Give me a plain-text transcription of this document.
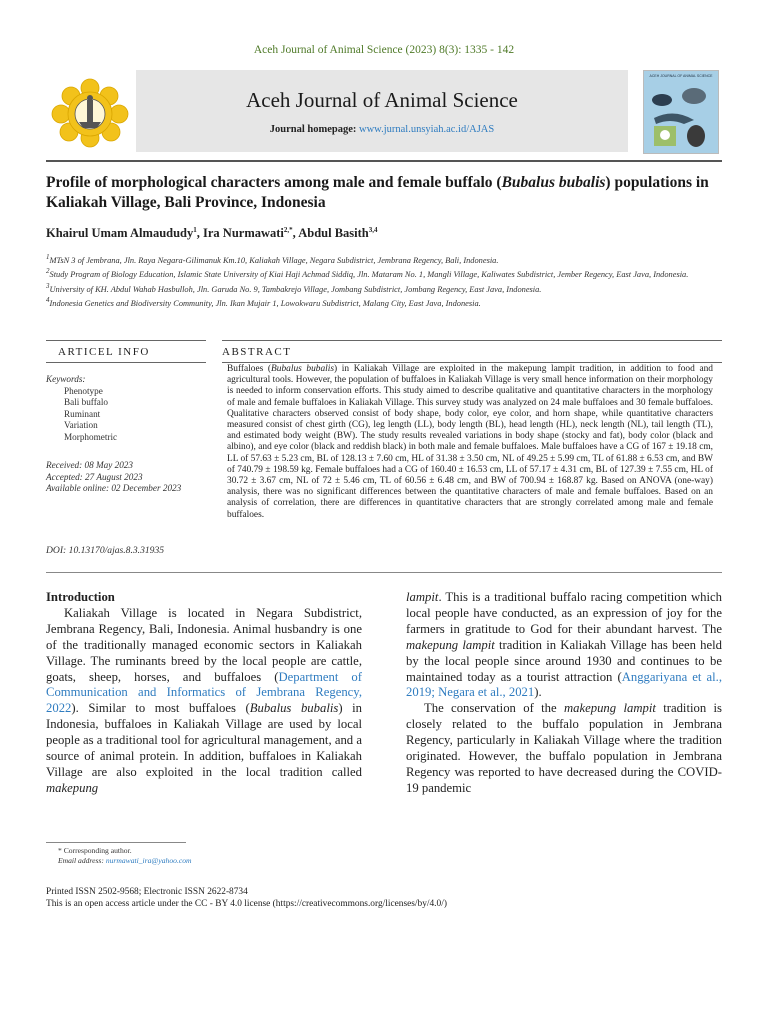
Aceh Journal of Animal Science (2023) 8(3): 1335 - 142
Aceh Journal of Animal Science
Journal homepage: www.jurnal.unsyiah.ac.id/AJAS
ACEH JOURNAL OF ANIMAL SCIENCE
Profile of morphological characters among male and female buffalo (Bubalus bubalis) populations in Kaliakah Village, Bali Province, Indonesia
Khairul Umam Almaududy$^1$, Ira Nurmawati$^{2,*}$, Abdul Basith$^{3,4}$
$^1$MTsN 3 of Jembrana, Jln. Raya Negara-Gilimanuk Km.10, Kaliakah Village, Negara Subdistrict, Jembrana Regency, Bali, Indonesia.
$^2$Study Program of Biology Education, Islamic State University of Kiai Haji Achmad Siddiq, Jln. Mataram No. 1, Mangli Village, Kaliwates Subdistrict, Jember Regency, East Java, Indonesia.
$^3$University of KH. Abdul Wahab Hasbulloh, Jln. Garuda No. 9, Tambakrejo Village, Jombang Subdistrict, Jombang Regency, East Java, Indonesia.
$^4$Indonesia Genetics and Biodiversity Community, Jln. Ikan Mujair 1, Lowokwaru Subdistrict, Malang City, East Java, Indonesia.
ARTICEL INFO	ABSTRACT
Keywords:
Phenotype
Bali buffalo
Ruminant
Variation
Morphometric
Received: 08 May 2023
Accepted: 27 August 2023
Available online: 02 December 2023
DOI: 10.13170/ajas.8.3.31935
Buffaloes (Bubalus bubalis) in Kaliakah Village are exploited in the makepung lampit tradition, in addition to food and agricultural tools. However, the population of buffaloes in Kaliakah Village is very small hence information on their morphology is needed to inform conservation efforts. This study aimed to describe qualitative and quantitative characters in the morphology of male and female buffaloes in Kaliakah Village. This survey study was analyzed on 24 male buffaloes and 30 female buffaloes. Qualitative characters observed consist of body shape, body color, eye color, and horn shape, while quantitative characters measured consist of chest girth (CG), leg length (LL), body length (BL), head length (HL), neck length (NL), tail length (TL), and estimated body weight (BW). The study results revealed variations in body shape (stocky and fat), body color (black and albino), and eye color (black and reddish black) in both male and female buffaloes. Male buffaloes have a CG of 167 ± 19.18 cm, LL of 57.63 ± 5.23 cm, BL of 128.13 ± 7.60 cm, HL of 31.38 ± 3.50 cm, NL of 49.25 ± 5.99 cm, TL of 61.88 ± 6.53 cm, and BW of 740.79 ± 198.59 kg. Female buffaloes had a CG of 160.40 ± 16.53 cm, LL of 57.17 ± 4.31 cm, BL of 127.39 ± 7.55 cm, HL of 30.72 ± 3.67 cm, NL of 72 ± 5.46 cm, TL of 60.56 ± 6.48 cm, and BW of 700.94 ± 168.87 kg. Based on ANOVA (one-way) analysis, there was no significant differences between the quantitative characters of male and female buffaloes. Based on an analysis of correlation, there are differences in quantitative characters that are strongly correlated among male and female buffaloes.
Introduction
Kaliakah Village is located in Negara Subdistrict, Jembrana Regency, Bali, Indonesia. Animal husbandry is one of the traditionally managed economic sectors in Kaliakah Village. The ruminants breed by the local people are cattle, goats, sheep, horses, and buffaloes (Department of Communication and Informatics of Jembrana Regency, 2022). Similar to most buffaloes (Bubalus bubalis) in Indonesia, buffaloes in Kaliakah Village are used by local people as a traditional tool for agricultural management, and a source of animal protein. In addition, buffaloes in Kaliakah Village are also exploited in the local tradition called makepung
lampit. This is a traditional buffalo racing competition which local people have conducted, as an expression of joy for the farmers in gratitude to God for their abundant harvest. The makepung lampit tradition in Kaliakah Village has been held by the local people since around 1930 and continues to be maintained today as a tourist attraction (Anggariyana et al., 2019; Negara et al., 2021).
The conservation of the makepung lampit tradition is closely related to the buffalo population in Jembrana Regency, particularly in Kaliakah Village where the tradition originated. However, the buffalo population in Jembrana Regency was reported to have decreased during the COVID-19 pandemic
* Corresponding author.
Email address: nurmawati_ira@yahoo.com
Printed ISSN 2502-9568; Electronic ISSN 2622-8734
This is an open access article under the CC - BY 4.0 license (https://creativecommons.org/licenses/by/4.0/)
